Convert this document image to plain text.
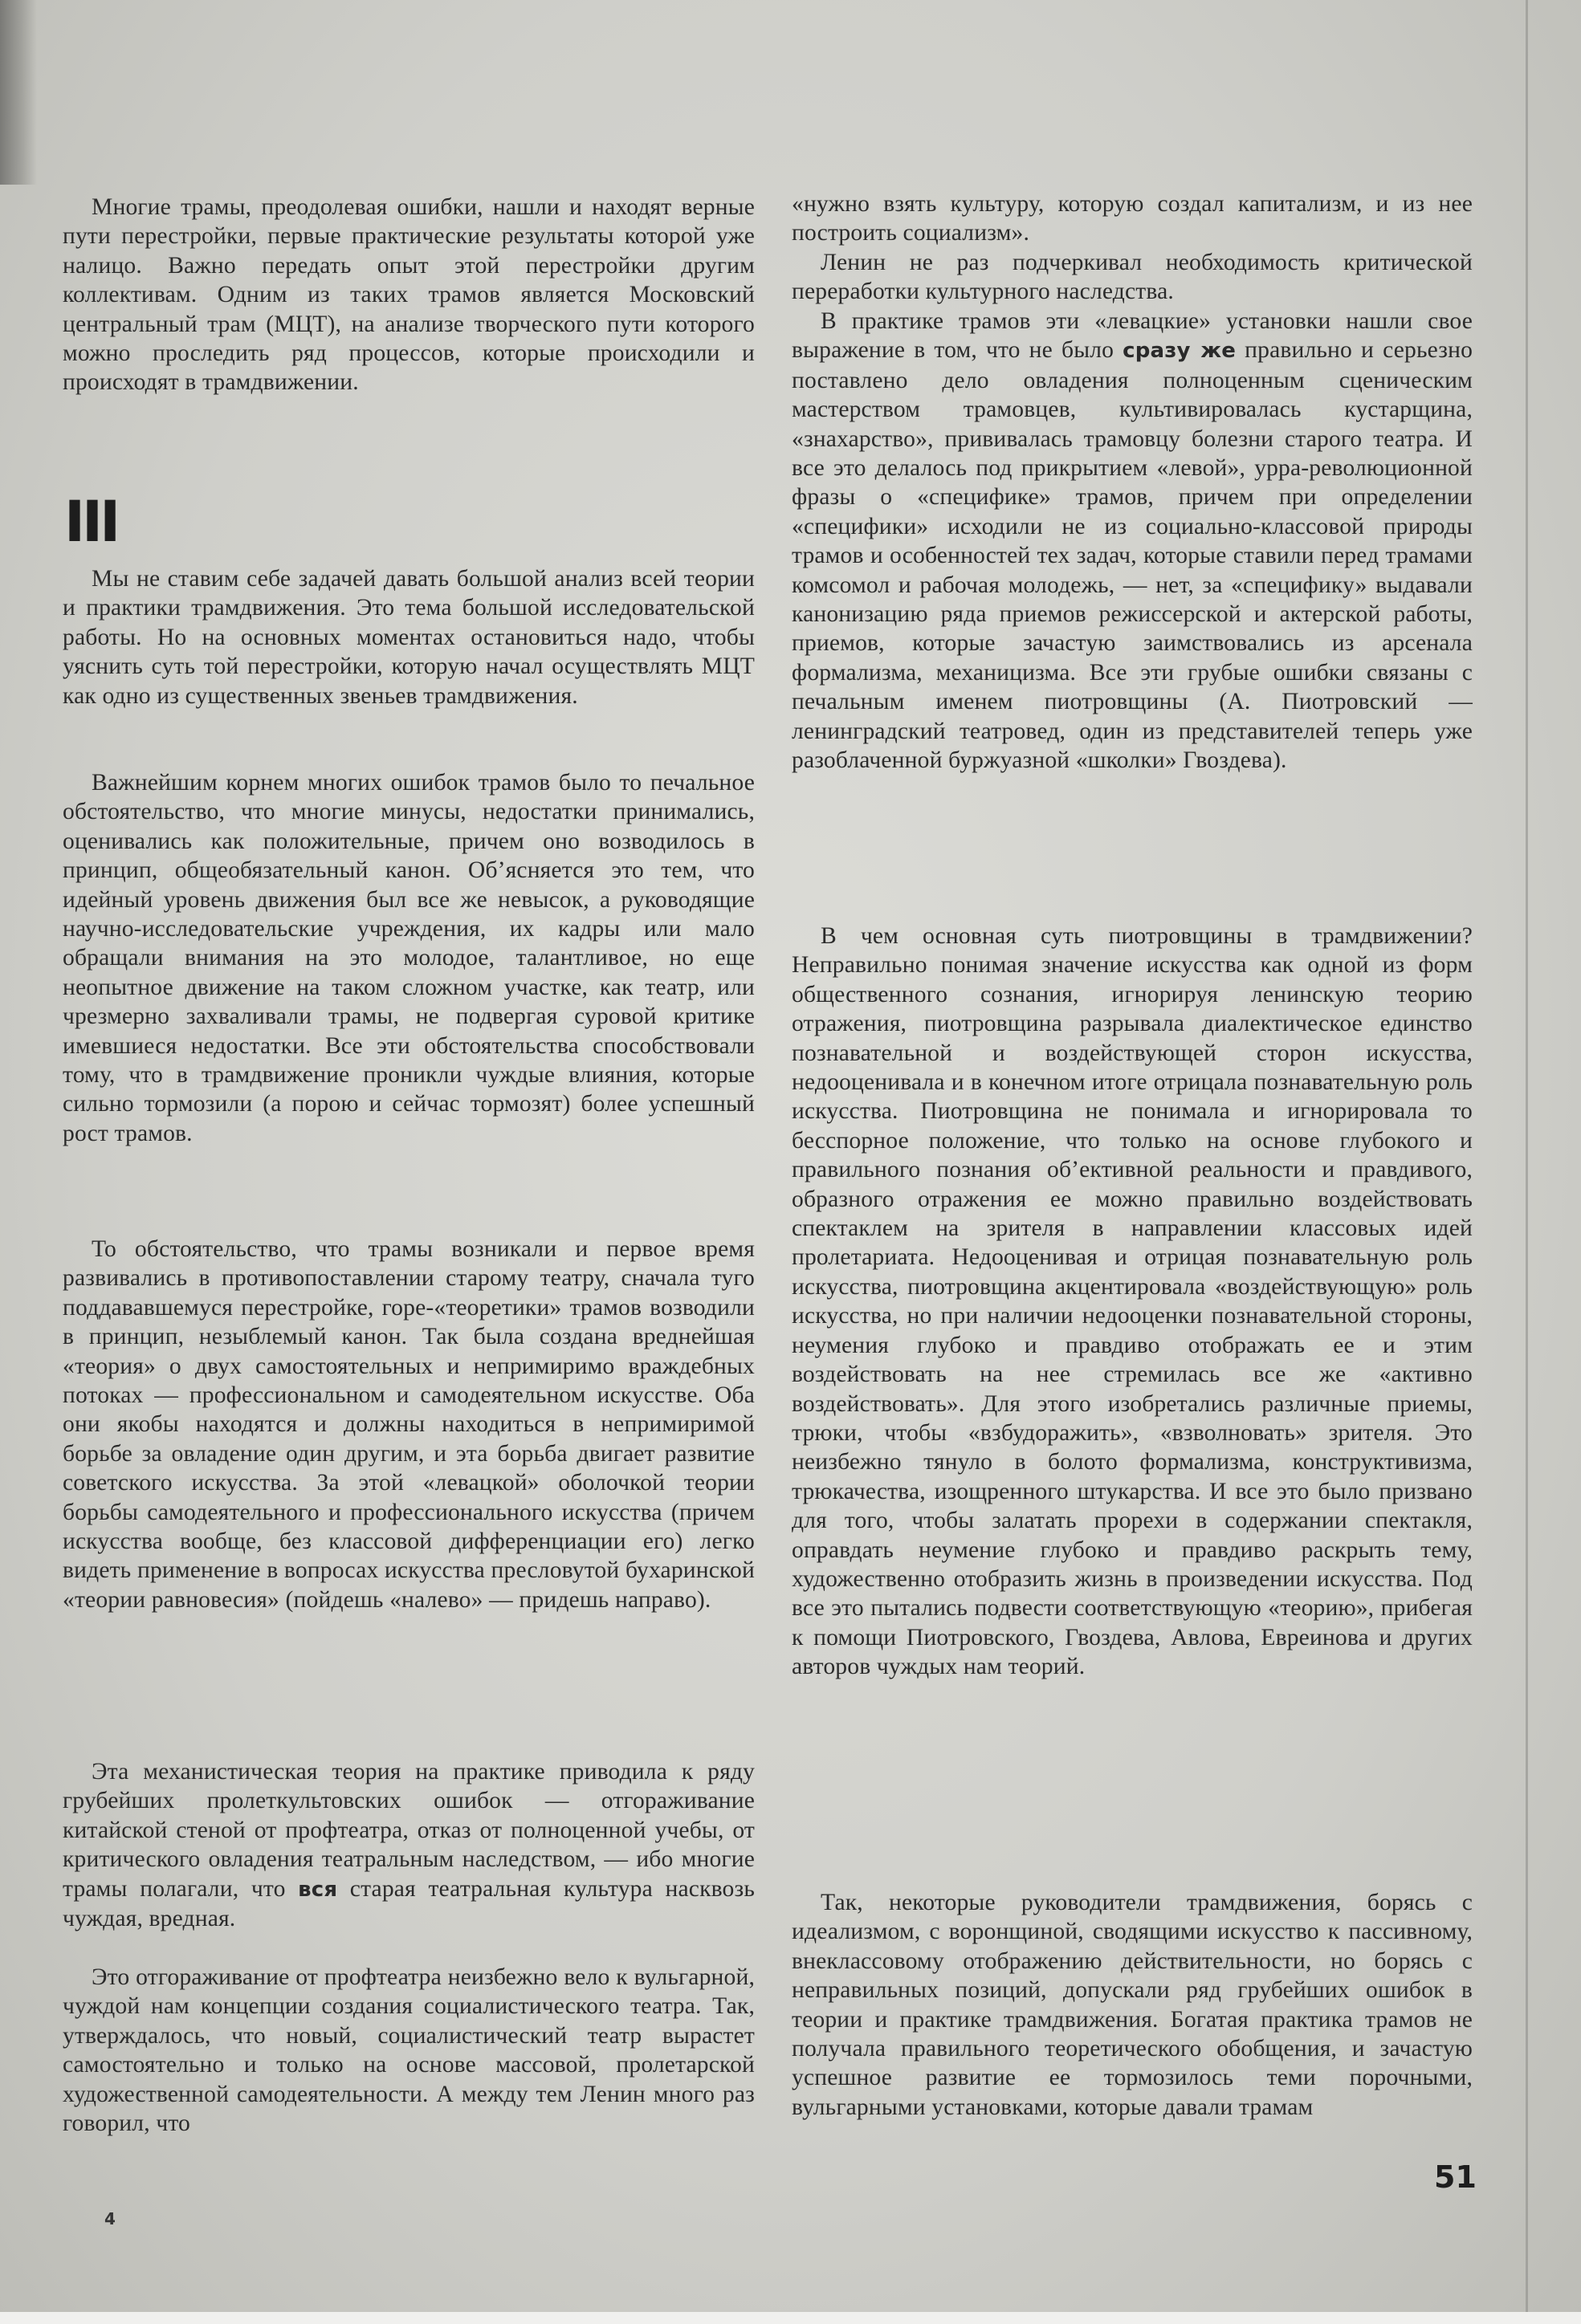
Многие трамы, преодолевая ошибки, нашли и находят верные пути перестройки, первые практические результаты которой уже налицо. Важно передать опыт этой перестройки другим коллективам. Одним из таких трамов является Московский центральный трам (МЦТ), на анализе творческого пути которого можно проследить ряд процессов, которые происходили и происходят в трамдвижении.

Мы не ставим себе задачей давать большой анализ всей теории и практики трамдвижения. Это тема большой исследовательской работы. Но на основных моментах остановиться надо, чтобы уяснить суть той перестройки, которую начал осуществлять МЦТ как одно из существенных звеньев трамдвижения.

Важнейшим корнем многих ошибок трамов было то печальное обстоятельство, что многие минусы, недостатки принимались, оценивались как положительные, причем оно возводилось в принцип, общеобязательный канон. Об’ясняется это тем, что идейный уровень движения был все же невысок, а руководящие научно-исследовательские учреждения, их кадры или мало обращали внимания на это молодое, талантливое, но еще неопытное движение на таком сложном участке, как театр, или чрезмерно захваливали трамы, не подвергая суровой критике имевшиеся недостатки. Все эти обстоятельства способствовали тому, что в трамдвижение проникли чуждые влияния, которые сильно тормозили (а порою и сейчас тормозят) более успешный рост трамов.

То обстоятельство, что трамы возникали и первое время развивались в противопоставлении старому театру, сначала туго поддававшемуся перестройке, горе-«теоретики» трамов возводили в принцип, незыблемый канон. Так была создана вреднейшая «теория» о двух самостоятельных и непримиримо враждебных потоках — профессиональном и самодеятельном искусстве. Оба они якобы находятся и должны находиться в непримиримой борьбе за овладение один другим, и эта борьба двигает развитие советского искусства. За этой «левацкой» оболочкой теории борьбы самодеятельного и профессионального искусства (причем искусства вообще, без классовой дифференциации его) легко видеть применение в вопросах искусства пресловутой бухаринской «теории равновесия» (пойдешь «налево» — придешь направо).

Эта механистическая теория на практике приводила к ряду грубейших пролеткультовских ошибок — отгораживание китайской стеной от профтеатра, отказ от полноценной учебы, от критического овладения театральным наследством, — ибо многие трамы полагали, что вся старая театральная культура насквозь чуждая, вредная.

Это отгораживание от профтеатра неизбежно вело к вульгарной, чуждой нам концепции создания социалистического театра. Так, утверждалось, что новый, социалистический театр вырастет самостоятельно и только на основе массовой, пролетарской художественной самодеятельности. А между тем Ленин много раз говорил, что

III

«нужно взять культуру, которую создал капитализм, и из нее построить социализм».

Ленин не раз подчеркивал необходимость критической переработки культурного наследства.

В практике трамов эти «левацкие» установки нашли свое выражение в том, что не было сразу же правильно и серьезно поставлено дело овладения полноценным сценическим мастерством трамовцев, культивировалась кустарщина, «знахарство», прививалась трамовцу болезни старого театра. И все это делалось под прикрытием «левой», урра-революционной фразы о «специфике» трамов, причем при определении «специфики» исходили не из социально-классовой природы трамов и особенностей тех задач, которые ставили перед трамами комсомол и рабочая молодежь, — нет, за «специфику» выдавали канонизацию ряда приемов режиссерской и актерской работы, приемов, которые зачастую заимствовались из арсенала формализма, механицизма. Все эти грубые ошибки связаны с печальным именем пиотровщины (А. Пиотровский — ленинградский театровед, один из представителей теперь уже разоблаченной буржуазной «школки» Гвоздева).

В чем основная суть пиотровщины в трамдвижении? Неправильно понимая значение искусства как одной из форм общественного сознания, игнорируя ленинскую теорию отражения, пиотровщина разрывала диалектическое единство познавательной и воздействующей сторон искусства, недооценивала и в конечном итоге отрицала познавательную роль искусства. Пиотровщина не понимала и игнорировала то бесспорное положение, что только на основе глубокого и правильного познания об’ективной реальности и правдивого, образного отражения ее можно правильно воздействовать спектаклем на зрителя в направлении классовых идей пролетариата. Недооценивая и отрицая познавательную роль искусства, пиотровщина акцентировала «воздействующую» роль искусства, но при наличии недооценки познавательной стороны, неумения глубоко и правдиво отображать ее и этим воздействовать на нее стремилась все же «активно воздействовать». Для этого изобретались различные приемы, трюки, чтобы «взбудоражить», «взволновать» зрителя. Это неизбежно тянуло в болото формализма, конструктивизма, трюкачества, изощренного штукарства. И все это было призвано для того, чтобы залатать прорехи в содержании спектакля, оправдать неумение глубоко и правдиво раскрыть тему, художественно отобразить жизнь в произведении искусства. Под все это пытались подвести соответствующую «теорию», прибегая к помощи Пиотровского, Гвоздева, Авлова, Евреинова и других авторов чуждых нам теорий.

Так, некоторые руководители трамдвижения, борясь с идеализмом, с воронщиной, сводящими искусство к пассивному, внеклассовому отображению действительности, но борясь с неправильных позиций, допускали ряд грубейших ошибок в теории и практике трамдвижения. Богатая практика трамов не получала правильного теоретического обобщения, и зачастую успешное развитие ее тормозилось теми порочными, вульгарными установками, которые давали трамам

51
4
